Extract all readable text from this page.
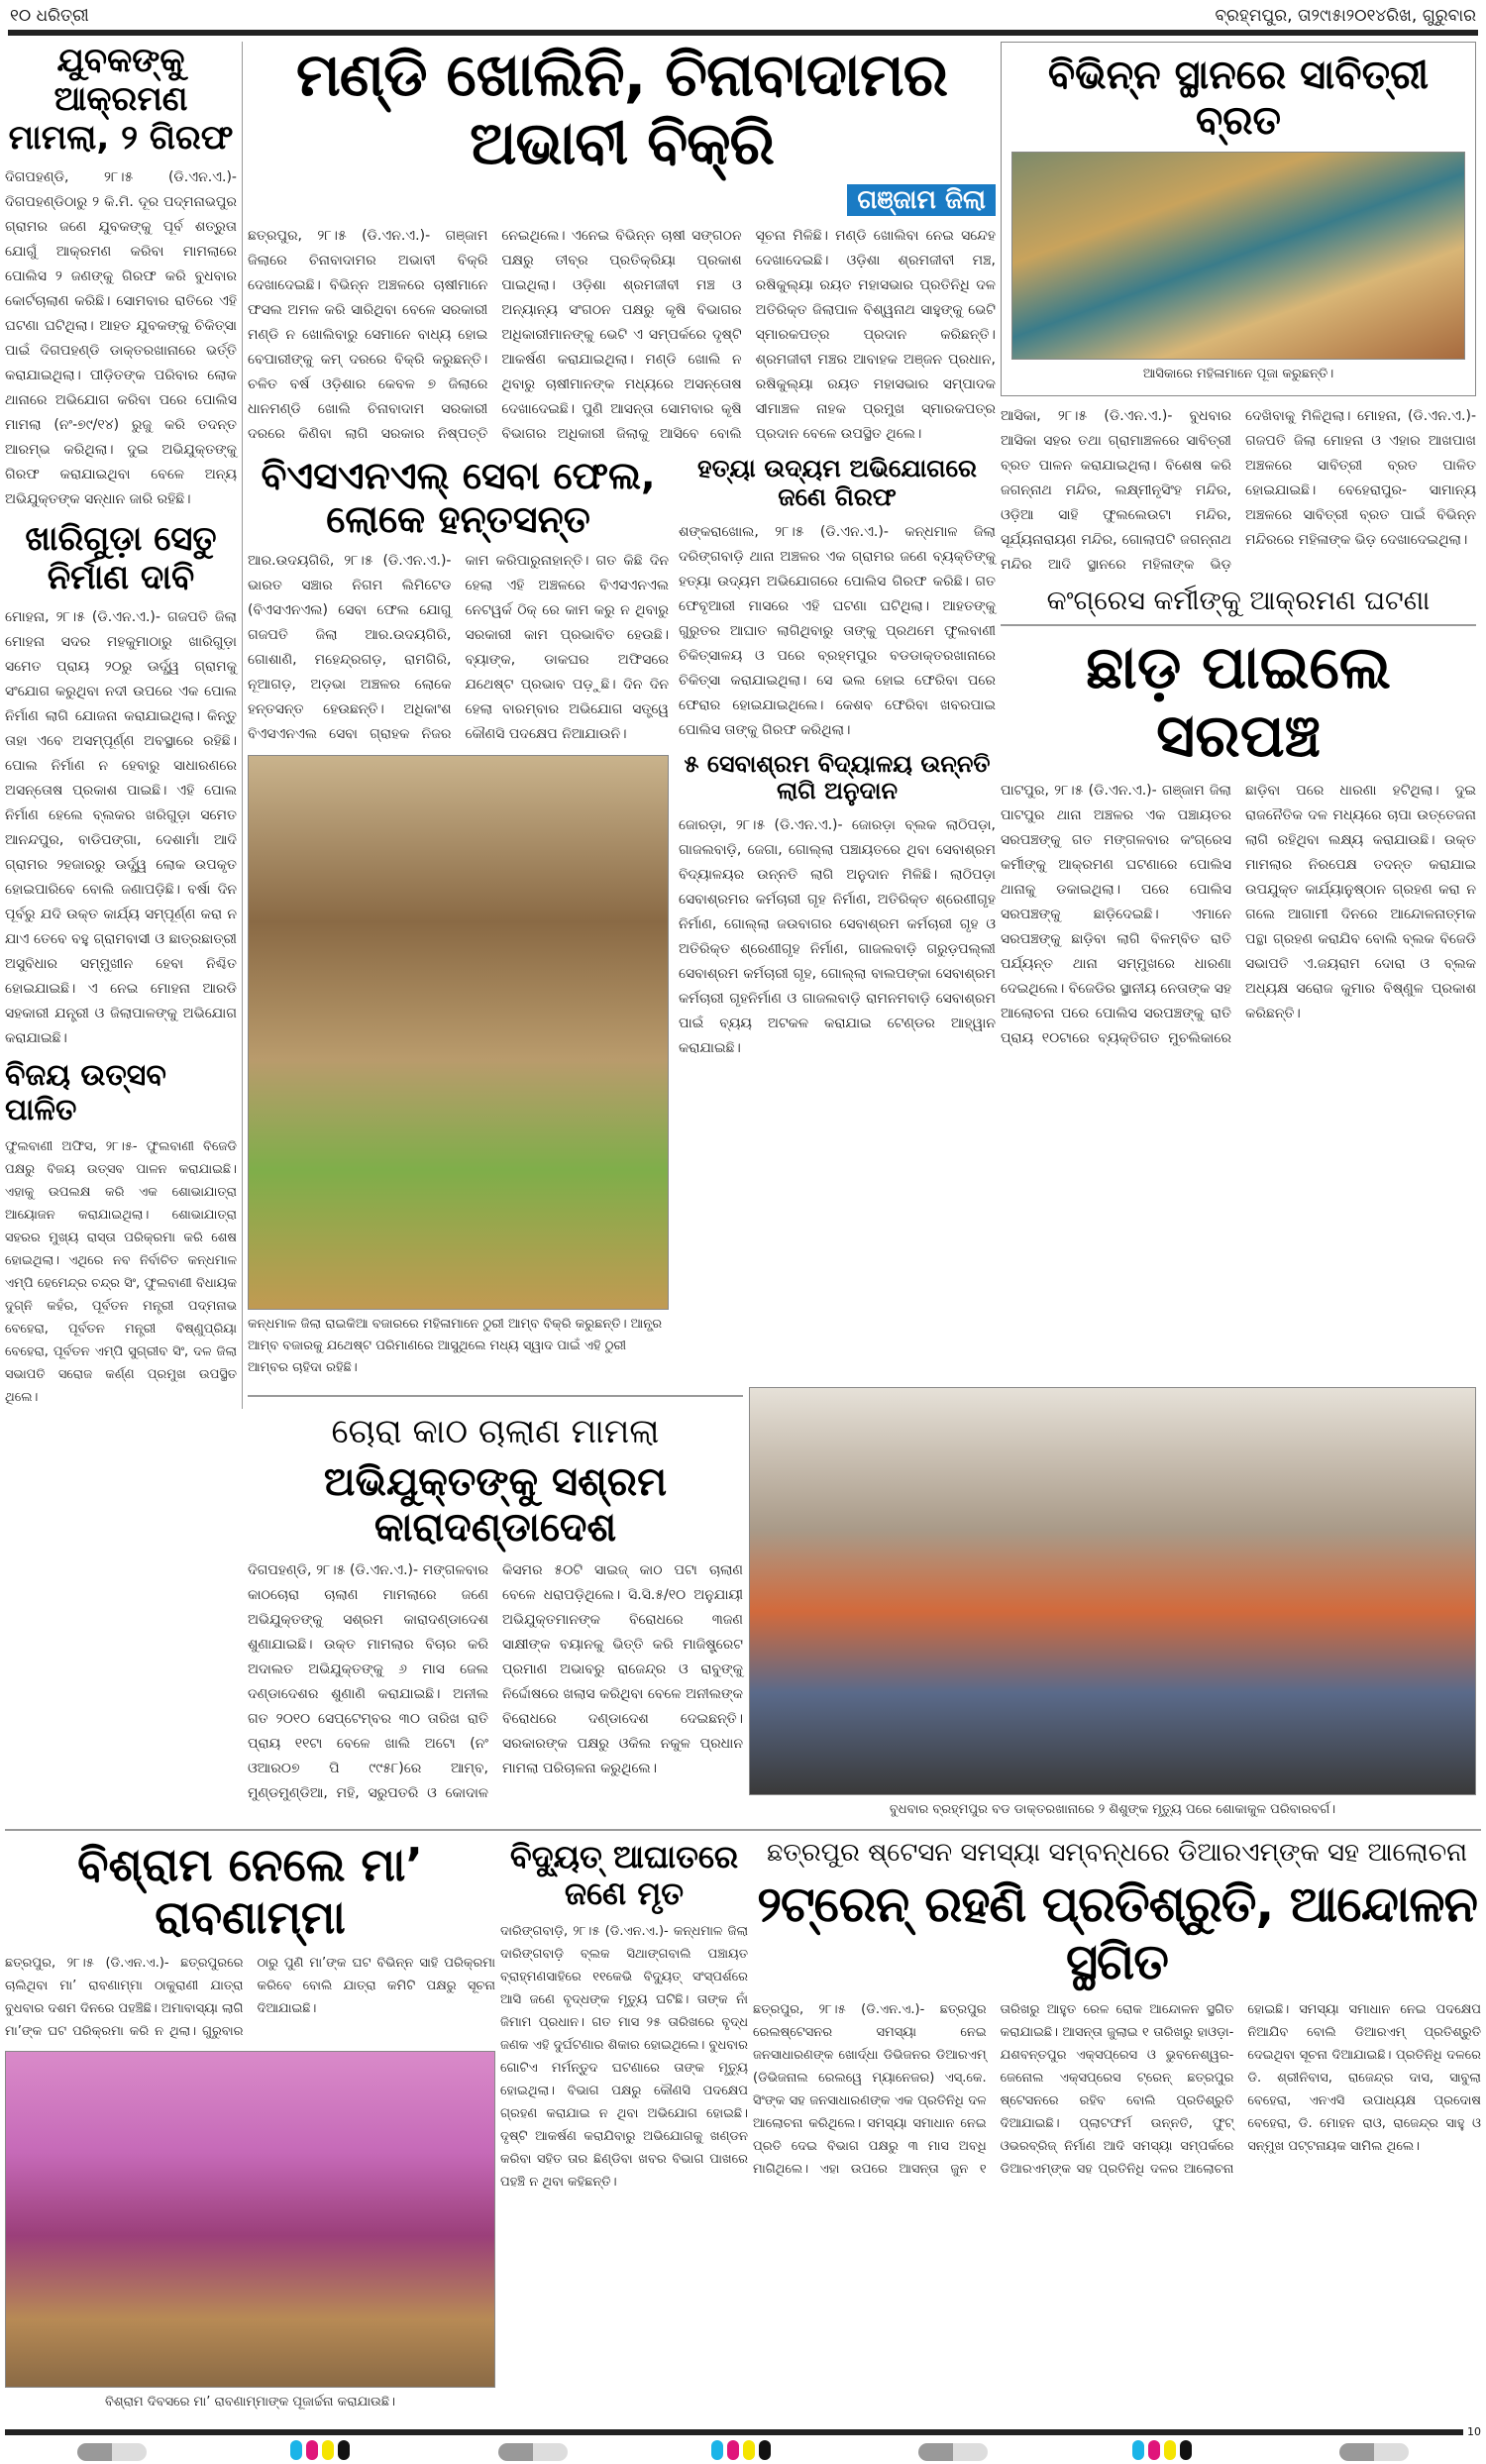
୧୦ ଧରିତ୍ରୀ	ବ୍ରହ୍ମପୁର, ତା୨୯ା୫ା୨୦୧୪ରିଖ, ଗୁରୁବାର
ଯୁବକଙ୍କୁ ଆକ୍ରମଣ ମାମଲା, ୨ ଗିରଫ
ଦିଗପହଣ୍ଡି, ୨୮।୫ (ଡି.ଏନ.ଏ.)- ଦିଗପହଣ୍ଡିଠାରୁ ୨ କି.ମି. ଦୂର ପଦ୍ମନାଭପୁର ଗ୍ରାମର ଜଣେ ଯୁବକଙ୍କୁ ପୂର୍ବ ଶତ୍ରୁତା ଯୋଗୁଁ ଆକ୍ରମଣ କରିବା ମାମଲାରେ ପୋଲିସ ୨ ଜଣଙ୍କୁ ଗିରଫ କରି ବୁଧବାର କୋର୍ଟଚାଲାଣ କରିଛି। ସୋମବାର ରାତିରେ ଏହି ଘଟଣା ଘଟିଥିଲା। ଆହତ ଯୁବକଙ୍କୁ ଚିକିତ୍ସା ପାଇଁ ଦିଗପହଣ୍ଡି ଡାକ୍ତରଖାନାରେ ଭର୍ତ୍ତି କରାଯାଇଥିଲା। ପୀଡ଼ିତଙ୍କ ପରିବାର ଲୋକ ଥାନାରେ ଅଭିଯୋଗ କରିବା ପରେ ପୋଲିସ ମାମଲା (ନଂ-୭୯/୧୪) ରୁଜୁ କରି ତଦନ୍ତ ଆରମ୍ଭ କରିଥିଲା। ଦୁଇ ଅଭିଯୁକ୍ତଙ୍କୁ ଗିରଫ କରାଯାଇଥିବା ବେଳେ ଅନ୍ୟ ଅଭିଯୁକ୍ତଙ୍କ ସନ୍ଧାନ ଜାରି ରହିଛି।
ଖାରିଗୁଡ଼ା ସେତୁ ନିର୍ମାଣ ଦାବି
ମୋହନା, ୨୮।୫ (ଡି.ଏନ.ଏ.)- ଗଜପତି ଜିଲା ମୋହନା ସଦର ମହକୁମାଠାରୁ ଖାରିଗୁଡ଼ା ସମେତ ପ୍ରାୟ ୨୦ରୁ ଊର୍ଦ୍ଧ୍ୱ ଗ୍ରାମକୁ ସଂଯୋଗ କରୁଥିବା ନଦୀ ଉପରେ ଏକ ପୋଲ ନିର୍ମାଣ ଲାଗି ଯୋଜନା କରାଯାଇଥିଲା। କିନ୍ତୁ ତାହା ଏବେ ଅସମ୍ପୂର୍ଣ୍ଣ ଅବସ୍ଥାରେ ରହିଛି। ପୋଲ ନିର୍ମାଣ ନ ହେବାରୁ ସାଧାରଣରେ ଅସନ୍ତୋଷ ପ୍ରକାଶ ପାଇଛି। ଏହି ପୋଲ ନିର୍ମାଣ ହେଲେ ବ୍ଲକର ଖରିଗୁଡ଼ା ସମେତ ଆନନ୍ଦପୁର, ବାଡିପଙ୍ଗା, ଦେଶାମାଁ ଆଦି ଗ୍ରାମର ୨ହଜାରରୁ ଊର୍ଦ୍ଧ୍ୱ ଲୋକ ଉପକୃତ ହୋଇପାରିବେ ବୋଲି ଜଣାପଡ଼ିଛି। ବର୍ଷା ଦିନ ପୂର୍ବରୁ ଯଦି ଉକ୍ତ କାର୍ଯ୍ୟ ସମ୍ପୂର୍ଣ୍ଣ କରା ନ ଯାଏ ତେବେ ବହୁ ଗ୍ରାମବାସୀ ଓ ଛାତ୍ରଛାତ୍ରୀ ଅସୁବିଧାର ସମ୍ମୁଖୀନ ହେବା ନିଶ୍ଚିତ ହୋଇଯାଇଛି। ଏ ନେଇ ମୋହନା ଆରଡି ସହକାରୀ ଯନ୍ତ୍ରୀ ଓ ଜିଲାପାଳଙ୍କୁ ଅଭିଯୋଗ କରାଯାଇଛି।
ବିଜୟ ଉତ୍ସବ ପାଳିତ
ଫୁଲବାଣୀ ଅଫିସ, ୨୮।୫- ଫୁଲବାଣୀ ବିଜେଡି ପକ୍ଷରୁ ବିଜୟ ଉତ୍ସବ ପାଳନ କରାଯାଇଛି। ଏହାକୁ ଉପଲକ୍ଷ କରି ଏକ ଶୋଭାଯାତ୍ରା ଆୟୋଜନ କରାଯାଇଥିଲା। ଶୋଭାଯାତ୍ରା ସହରର ମୁଖ୍ୟ ରାସ୍ତା ପରିକ୍ରମା କରି ଶେଷ ହୋଇଥିଲା। ଏଥିରେ ନବ ନିର୍ବାଚିତ କନ୍ଧମାଳ ଏମ୍‌ପି ହେମେନ୍ଦ୍ର ଚନ୍ଦ୍ର ସିଂ, ଫୁଲବାଣୀ ବିଧାୟକ ଦୁଗ୍ନି କହଁର, ପୂର୍ବତନ ମନ୍ତ୍ରୀ ପଦ୍ମନାଭ ବେହେରା, ପୂର୍ବତନ ମନ୍ତ୍ରୀ ବିଷ୍ଣୁପ୍ରିୟା ବେହେରା, ପୂର୍ବତନ ଏମ୍‌ପି ସୁଗ୍ରୀବ ସିଂ, ଦଳ ଜିଲା ସଭାପତି ସରୋଜ କର୍ଣ୍ଣ ପ୍ରମୁଖ ଉପସ୍ଥିତ ଥିଲେ।
ମଣ୍ଡି ଖୋଲିନି, ଚିନାବାଦାମର ଅଭାବୀ ବିକ୍ରି
ଗଞ୍ଜାମ ଜିଲା
ଛତ୍ରପୁର, ୨୮।୫ (ଡି.ଏନ.ଏ.)- ଗଞ୍ଜାମ ଜିଲାରେ ଚିନାବାଦାମର ଅଭାବୀ ବିକ୍ରି ଦେଖାଦେଇଛି। ବିଭିନ୍ନ ଅଞ୍ଚଳରେ ଚାଷୀମାନେ ଫସଲ ଅମଳ କରି ସାରିଥିବା ବେଳେ ସରକାରୀ ମଣ୍ଡି ନ ଖୋଲିବାରୁ ସେମାନେ ବାଧ୍ୟ ହୋଇ ବେପାରୀଙ୍କୁ କମ୍ ଦରରେ ବିକ୍ରି କରୁଛନ୍ତି। ଚଳିତ ବର୍ଷ ଓଡ଼ିଶାର କେବଳ ୭ ଜିଲାରେ ଧାନମଣ୍ଡି ଖୋଲି ଚିନାବାଦାମ ସରକାରୀ ଦରରେ କିଣିବା ଲାଗି ସରକାର ନିଷ୍ପତ୍ତି ନେଇଥିଲେ। ଏନେଇ ବିଭିନ୍ନ ଚାଷୀ ସଙ୍ଗଠନ ପକ୍ଷରୁ ତୀବ୍ର ପ୍ରତିକ୍ରିୟା ପ୍ରକାଶ ପାଇଥିଲା। ଓଡ଼ିଶା ଶ୍ରମଜୀବୀ ମଞ୍ଚ ଓ ଅନ୍ୟାନ୍ୟ ସଂଗଠନ ପକ୍ଷରୁ କୃଷି ବିଭାଗର ଅଧିକାରୀମାନଙ୍କୁ ଭେଟି ଏ ସମ୍ପର୍କରେ ଦୃଷ୍ଟି ଆକର୍ଷଣ କରାଯାଇଥିଲା। ମଣ୍ଡି ଖୋଲି ନ ଥିବାରୁ ଚାଷୀମାନଙ୍କ ମଧ୍ୟରେ ଅସନ୍ତୋଷ ଦେଖାଦେଇଛି। ପୁଣି ଆସନ୍ତା ସୋମବାର କୃଷି ବିଭାଗର ଅଧିକାରୀ ଜିଲାକୁ ଆସିବେ ବୋଲି ସୂଚନା ମିଳିଛି। ମଣ୍ଡି ଖୋଲିବା ନେଇ ସନ୍ଦେହ ଦେଖାଦେଇଛି। ଓଡ଼ିଶା ଶ୍ରମଜୀବୀ ମଞ୍ଚ, ରଷିକୁଲ୍ୟା ରୟତ ମହାସଭାର ପ୍ରତିନିଧି ଦଳ ଅତିରିକ୍ତ ଜିଲାପାଳ ବିଶ୍ୱନାଥ ସାହୁଙ୍କୁ ଭେଟି ସ୍ମାରକପତ୍ର ପ୍ରଦାନ କରିଛନ୍ତି। ଶ୍ରମଜୀବୀ ମଞ୍ଚର ଆବାହକ ଅଞ୍ଜନ ପ୍ରଧାନ, ରଷିକୁଲ୍ୟା ରୟତ ମହାସଭାର ସମ୍ପାଦକ ସୀମାଞ୍ଚଳ ନାହକ ପ୍ରମୁଖ ସ୍ମାରକପତ୍ର ପ୍ରଦାନ ବେଳେ ଉପସ୍ଥିତ ଥିଲେ।
ବିଏସଏନଏଲ୍ ସେବା ଫେଲ, ଲୋକେ ହନ୍ତସନ୍ତ
ଆର.ଉଦୟଗିରି, ୨୮।୫ (ଡି.ଏନ.ଏ.)- ଭାରତ ସଞ୍ଚାର ନିଗମ ଲିମିଟେଡ (ବିଏସଏନଏଲ) ସେବା ଫେଲ ଯୋଗୁ ଗଜପତି ଜିଲା ଆର.ଉଦୟଗିରି, ଗୋଶାଣି, ମହେନ୍ଦ୍ରଗଡ଼, ରାମଗିରି, ନୂଆଗଡ଼, ଅଡ଼ଭା ଅଞ୍ଚଳର ଲୋକେ ହନ୍ତସନ୍ତ ହେଉଛନ୍ତି। ଅଧିକାଂଶ ବିଏସଏନଏଲ ସେବା ଗ୍ରାହକ ନିଜର କାମ କରିପାରୁନାହାନ୍ତି। ଗତ କିଛି ଦିନ ହେଲା ଏହି ଅଞ୍ଚଳରେ ବିଏସଏନଏଲ ନେଟୱର୍କ ଠିକ୍ ରେ କାମ କରୁ ନ ଥିବାରୁ ସରକାରୀ କାମ ପ୍ରଭାବିତ ହେଉଛି। ବ୍ୟାଙ୍କ, ଡାକଘର ଅଫିସରେ ଯଥେଷ୍ଟ ପ୍ରଭାବ ପଡ଼ୁଛି। ଦିନ ଦିନ ହେଲା ବାରମ୍ବାର ଅଭିଯୋଗ ସତ୍ତ୍ୱେ କୌଣସି ପଦକ୍ଷେପ ନିଆଯାଉନି।
କନ୍ଧମାଳ ଜିଲା ରାଇକିଆ ବଜାରରେ ମହିଳାମାନେ ଠୁରୀ ଆମ୍ବ ବିକ୍ରି କରୁଛନ୍ତି। ଆନ୍ଧ୍ର ଆମ୍ବ ବଜାରକୁ ଯଥେଷ୍ଟ ପରିମାଣରେ ଆସୁଥିଲେ ମଧ୍ୟ ସ୍ୱାଦ ପାଇଁ ଏହି ଠୁରୀ ଆମ୍ବର ଚାହିଦା ରହିଛି।
ହତ୍ୟା ଉଦ୍ୟମ ଅଭିଯୋଗରେ ଜଣେ ଗିରଫ
ଶଙ୍କରାଖୋଲ, ୨୮।୫ (ଡି.ଏନ.ଏ.)- କନ୍ଧମାଳ ଜିଲା ଦରିଙ୍ଗବାଡ଼ି ଥାନା ଅଞ୍ଚଳର ଏକ ଗ୍ରାମର ଜଣେ ବ୍ୟକ୍ତିଙ୍କୁ ହତ୍ୟା ଉଦ୍ୟମ ଅଭିଯୋଗରେ ପୋଲିସ ଗିରଫ କରିଛି। ଗତ ଫେବୃଆରୀ ମାସରେ ଏହି ଘଟଣା ଘଟିଥିଲା। ଆହତଙ୍କୁ ଗୁରୁତର ଆଘାତ ଲାଗିଥିବାରୁ ତାଙ୍କୁ ପ୍ରଥମେ ଫୁଲବାଣୀ ଚିକିତ୍ସାଳୟ ଓ ପରେ ବ୍ରହ୍ମପୁର ବଡଡାକ୍ତରଖାନାରେ ଚିକିତ୍ସା କରାଯାଇଥିଲା। ସେ ଭଲ ହୋଇ ଫେରିବା ପରେ ଫେରାର ହୋଇଯାଇଥିଲେ। କେଶବ ଫେରିବା ଖବରପାଇ ପୋଲିସ ତାଙ୍କୁ ଗିରଫ କରିଥିଲା।
୫ ସେବାଶ୍ରମ ବିଦ୍ୟାଳୟ ଉନ୍ନତି ଲାଗି ଅନୁଦାନ
ଜୋରଡ଼ା, ୨୮।୫ (ଡି.ଏନ.ଏ.)- ଜୋରଡ଼ା ବ୍ଲକ ଲାଠିପଡ଼ା, ଗାଜଲବାଡ଼ି, ଜେଗା, ଗୋଲ୍ଲା ପଞ୍ଚାୟତରେ ଥିବା ସେବାଶ୍ରମ ବିଦ୍ୟାଳୟର ଉନ୍ନତି ଲାଗି ଅନୁଦାନ ମିଳିଛି। ଲାଠିପଡ଼ା ସେବାଶ୍ରମର କର୍ମଚାରୀ ଗୃହ ନିର୍ମାଣ, ଅତିରିକ୍ତ ଶ୍ରେଣୀଗୃହ ନିର୍ମାଣ, ଗୋଲ୍ଲା ଜଉବାଗର ସେବାଶ୍ରମ କର୍ମଚାରୀ ଗୃହ ଓ ଅତିରିକ୍ତ ଶ୍ରେଣୀଗୃହ ନିର୍ମାଣ, ଗାଜଲବାଡ଼ି ଗରୁଡ଼ପଲ୍ଲୀ ସେବାଶ୍ରମ କର୍ମଚାରୀ ଗୃହ, ଗୋଲ୍ଲା ବାଲପଙ୍କା ସେବାଶ୍ରମ କର୍ମଚାରୀ ଗୃହନିର୍ମାଣ ଓ ଗାଜଲବାଡ଼ି ରାମନମବାଡ଼ି ସେବାଶ୍ରମ ପାଇଁ ବ୍ୟୟ ଅଟକଳ କରାଯାଇ ଟେଣ୍ଡର ଆହ୍ୱାନ କରାଯାଇଛି।
ବିଭିନ୍ନ ସ୍ଥାନରେ ସାବିତ୍ରୀ ବ୍ରତ
ଆସିକାରେ ମହିଳାମାନେ ପୂଜା କରୁଛନ୍ତି।
ଆସିକା, ୨୮।୫ (ଡି.ଏନ.ଏ.)- ବୁଧବାର ଆସିକା ସହର ତଥା ଗ୍ରାମାଞ୍ଚଳରେ ସାବିତ୍ରୀ ବ୍ରତ ପାଳନ କରାଯାଇଥିଲା। ବିଶେଷ କରି ଜଗନ୍ନାଥ ମନ୍ଦିର, ଲକ୍ଷ୍ମୀନୃସିଂହ ମନ୍ଦିର, ଓଡ଼ିଆ ସାହି ଫୁଲଲେଉଟା ମନ୍ଦିର, ସୂର୍ଯ୍ୟନାରାୟଣ ମନ୍ଦିର, ଗୋଲାପଟି ଜଗନ୍ନାଥ ମନ୍ଦିର ଆଦି ସ୍ଥାନରେ ମହିଳାଙ୍କ ଭିଡ଼ ଦେଖିବାକୁ ମିଳିଥିଲା। ମୋହନା, (ଡି.ଏନ.ଏ.)- ଗଜପତି ଜିଲା ମୋହନା ଓ ଏହାର ଆଖପାଖ ଅଞ୍ଚଳରେ ସାବିତ୍ରୀ ବ୍ରତ ପାଳିତ ହୋଇଯାଇଛି। ବେହେରାପୁର- ସାମାନ୍ୟ ଅଞ୍ଚଳରେ ସାବିତ୍ରୀ ବ୍ରତ ପାଇଁ ବିଭିନ୍ନ ମନ୍ଦିରରେ ମହିଳାଙ୍କ ଭିଡ଼ ଦେଖାଦେଇଥିଲା।
କଂଗ୍ରେସ କର୍ମୀଙ୍କୁ ଆକ୍ରମଣ ଘଟଣା
ଛାଡ଼ ପାଇଲେ ସରପଞ୍ଚ
ପାଟପୁର, ୨୮।୫ (ଡି.ଏନ.ଏ.)- ଗଞ୍ଜାମ ଜିଲା ପାଟପୁର ଥାନା ଅଞ୍ଚଳର ଏକ ପଞ୍ଚାୟତର ସରପଞ୍ଚଙ୍କୁ ଗତ ମଙ୍ଗଳବାର କଂଗ୍ରେସ କର୍ମୀଙ୍କୁ ଆକ୍ରମଣ ଘଟଣାରେ ପୋଲିସ ଥାନାକୁ ଡକାଇଥିଲା। ପରେ ପୋଲିସ ସରପଞ୍ଚଙ୍କୁ ଛାଡ଼ିଦେଇଛି। ଏମାନେ ସରପଞ୍ଚଙ୍କୁ ଛାଡ଼ିବା ଲାଗି ବିଳମ୍ବିତ ରାତି ପର୍ଯ୍ୟନ୍ତ ଥାନା ସମ୍ମୁଖରେ ଧାରଣା ଦେଇଥିଲେ। ବିଜେଡିର ସ୍ଥାନୀୟ ନେତାଙ୍କ ସହ ଆଲୋଚନା ପରେ ପୋଲିସ ସରପଞ୍ଚଙ୍କୁ ରାତି ପ୍ରାୟ ୧୦ଟାରେ ବ୍ୟକ୍ତିଗତ ମୁଚଲିକାରେ ଛାଡ଼ିବା ପରେ ଧାରଣା ହଟିଥିଲା। ଦୁଇ ରାଜନୈତିକ ଦଳ ମଧ୍ୟରେ ଚାପା ଉତ୍ତେଜନା ଲାଗି ରହିଥିବା ଲକ୍ଷ୍ୟ କରାଯାଉଛି। ଉକ୍ତ ମାମଲାର ନିରପେକ୍ଷ ତଦନ୍ତ କରାଯାଇ ଉପଯୁକ୍ତ କାର୍ଯ୍ୟାନୁଷ୍ଠାନ ଗ୍ରହଣ କରା ନ ଗଲେ ଆଗାମୀ ଦିନରେ ଆନ୍ଦୋଳନାତ୍ମକ ପନ୍ଥା ଗ୍ରହଣ କରାଯିବ ବୋଲି ବ୍ଲକ ବିଜେଡି ସଭାପତି ଏ.ଜୟରାମ ଦୋରା ଓ ବ୍ଲକ ଅଧ୍ୟକ୍ଷ ସରୋଜ କୁମାର ବିଷ୍ଣୁଳ ପ୍ରକାଶ କରିଛନ୍ତି।
ଚୋରା କାଠ ଚାଲାଣ ମାମଲା
ଅଭିଯୁକ୍ତଙ୍କୁ ସଶ୍ରମ କାରାଦଣ୍ଡାଦେଶ
ଦିଗପହଣ୍ଡି, ୨୮।୫ (ଡି.ଏନ.ଏ.)- ମଙ୍ଗଳବାର କାଠଚୋରା ଚାଲାଣ ମାମଲାରେ ଜଣେ ଅଭିଯୁକ୍ତଙ୍କୁ ସଶ୍ରମ କାରାଦଣ୍ଡାଦେଶ ଶୁଣାଯାଇଛି। ଉକ୍ତ ମାମଲାର ବିଚାର କରି ଅଦାଲତ ଅଭିଯୁକ୍ତଙ୍କୁ ୬ ମାସ ଜେଲ ଦଣ୍ଡାଦେଶର ଶୁଣାଣି କରାଯାଇଛି। ଅନୀଲ ଗତ ୨୦୧୦ ସେପ୍ଟେମ୍ବର ୩୦ ତାରିଖ ରାତି ପ୍ରାୟ ୧୧ଟା ବେଳେ ଖାଲି ଅଟୋ (ନଂ ଓଆର୦୭ ପି ୯୯୫୮)ରେ ଆମ୍ବ, ମୁଣ୍ଡମୁଣ୍ଡିଆ, ମହି, ସରୁପତରି ଓ କୋଦାଳ କିସମର ୫୦ଟି ସାଇଜ୍ କାଠ ପଟା ଚାଲାଣ ବେଳେ ଧରାପଡ଼ିଥିଲେ। ସି.ସି.୫/୧୦ ଅନୁଯାୟୀ ଅଭିଯୁକ୍ତମାନଙ୍କ ବିରୋଧରେ ୩ଜଣ ସାକ୍ଷୀଙ୍କ ବୟାନକୁ ଭିତ୍ତି କରି ମାଜିଷ୍ଟ୍ରେଟ ପ୍ରମାଣ ଅଭାବରୁ ରାଜେନ୍ଦ୍ର ଓ ରାବୁଙ୍କୁ ନିର୍ଦ୍ଦୋଷରେ ଖଲାସ କରିଥିବା ବେଳେ ଅନୀଲଙ୍କ ବିରୋଧରେ ଦଣ୍ଡାଦେଶ ଦେଇଛନ୍ତି। ସରକାରଙ୍କ ପକ୍ଷରୁ ଓକିଲ ନକୁଳ ପ୍ରଧାନ ମାମଲା ପରିଚାଳନା କରୁଥିଲେ।
ବୁଧବାର ବ୍ରହ୍ମପୁର ବଡ ଡାକ୍ତରଖାନାରେ ୨ ଶିଶୁଙ୍କ ମୃତ୍ୟୁ ପରେ ଶୋକାକୁଳ ପରିବାରବର୍ଗ।
ବିଶ୍ରାମ ନେଲେ ମା’ ରାବଣାମ୍ମା
ଛତ୍ରପୁର, ୨୮।୫ (ଡି.ଏନ.ଏ.)- ଛତ୍ରପୁରରେ ଚାଲିଥିବା ମା’ ରାବଣାମ୍ମା ଠାକୁରାଣୀ ଯାତ୍ରା ବୁଧବାର ଦଶମ ଦିନରେ ପହଞ୍ଚିଛି। ଅମାବାସ୍ୟା ଲାଗି ମା’ଙ୍କ ଘଟ ପରିକ୍ରମା କରି ନ ଥିଲା। ଗୁରୁବାର ଠାରୁ ପୁଣି ମା’ଙ୍କ ଘଟ ବିଭିନ୍ନ ସାହି ପରିକ୍ରମା କରିବେ ବୋଲି ଯାତ୍ରା କମିଟି ପକ୍ଷରୁ ସୂଚନା ଦିଆଯାଇଛି।
ବିଶ୍ରାମ ଦିବସରେ ମା’ ରାବଣାମ୍ମାଙ୍କ ପୂଜାର୍ଚ୍ଚନା କରାଯାଉଛି।
ବିଦ୍ୟୁତ୍ ଆଘାତରେ ଜଣେ ମୃତ
ଦାରିଙ୍ଗବାଡ଼ି, ୨୮।୫ (ଡି.ଏନ.ଏ.)- କନ୍ଧମାଳ ଜିଲା ଦାରିଙ୍ଗବାଡ଼ି ବ୍ଲକ ସିଥାଙ୍ଗବାଲି ପଞ୍ଚାୟତ ବ୍ରାହ୍ମଣସାହିରେ ୧୧କେଭି ବିଦ୍ୟୁତ୍ ସଂସ୍ପର୍ଶରେ ଆସି ଜଣେ ବୃଦ୍ଧଙ୍କ ମୃତ୍ୟୁ ଘଟିଛି। ତାଙ୍କ ନାଁ ଜିମାମ ପ୍ରଧାନ। ଗତ ମାସ ୨୫ ତାରିଖରେ ବୃଦ୍ଧ ଜଣକ ଏହି ଦୁର୍ଘଟଣାର ଶିକାର ହୋଇଥିଲେ। ବୁଧବାର ଗୋଟିଏ ମର୍ମନ୍ତୁଦ ଘଟଣାରେ ତାଙ୍କ ମୃତ୍ୟୁ ହୋଇଥିଲା। ବିଭାଗ ପକ୍ଷରୁ କୌଣସି ପଦକ୍ଷେପ ଗ୍ରହଣ କରାଯାଇ ନ ଥିବା ଅଭିଯୋଗ ହୋଇଛି। ଦୃଷ୍ଟି ଆକର୍ଷଣ କରାଯିବାରୁ ଅଭିଯୋଗକୁ ଖଣ୍ଡନ କରିବା ସହିତ ତାର ଛିଣ୍ଡିବା ଖବର ବିଭାଗ ପାଖରେ ପହଞ୍ଚି ନ ଥିବା କହିଛନ୍ତି।
ଛତ୍ରପୁର ଷ୍ଟେସନ ସମସ୍ୟା ସମ୍ବନ୍ଧରେ ଡିଆରଏମ୍‌ଙ୍କ ସହ ଆଲୋଚନା
୨ଟ୍ରେନ୍ ରହଣି ପ୍ରତିଶ୍ରୁତି, ଆନ୍ଦୋଳନ ସ୍ଥଗିତ
ଛତ୍ରପୁର, ୨୮।୫ (ଡି.ଏନ.ଏ.)- ଛତ୍ରପୁର ରେଲଷ୍ଟେସନର ସମସ୍ୟା ନେଇ ଜନସାଧାରଣଙ୍କ ଖୋର୍ଦ୍ଧା ଡିଭିଜନର ଡିଆରଏମ୍ (ଡିଭିଜନାଲ ରେଲୱେ ମ୍ୟାନେଜର) ଏସ୍.କେ. ସିଂଙ୍କ ସହ ଜନସାଧାରଣଙ୍କ ଏକ ପ୍ରତିନିଧି ଦଳ ଆଲୋଚନା କରିଥିଲେ। ସମସ୍ୟା ସମାଧାନ ନେଇ ପ୍ରତି ଦେଇ ବିଭାଗ ପକ୍ଷରୁ ୩ ମାସ ଅବଧି ମାଗିଥିଲେ। ଏହା ଉପରେ ଆସନ୍ତା ଜୁନ ୧ ତାରିଖରୁ ଆହୁତ ରେଳ ରୋକ ଆନ୍ଦୋଳନ ସ୍ଥଗିତ କରାଯାଇଛି। ଆସନ୍ତା ଜୁଲାଇ ୧ ତାରିଖରୁ ହାଓଡ଼ା-ଯଶବନ୍ତପୁର ଏକ୍ସପ୍ରେସ ଓ ଭୁବନେଶ୍ୱର-ଜେନୋଲ ଏକ୍ସପ୍ରେସ ଟ୍ରେନ୍ ଛତ୍ରପୁର ଷ୍ଟେସନରେ ରହିବ ବୋଲି ପ୍ରତିଶ୍ରୁତି ଦିଆଯାଇଛି। ପ୍ଲାଟଫର୍ମ ଉନ୍ନତି, ଫୁଟ୍ ଓଭରବ୍ରିଜ୍ ନିର୍ମାଣ ଆଦି ସମସ୍ୟା ସମ୍ପର୍କରେ ଡିଆରଏମ୍‌ଙ୍କ ସହ ପ୍ରତିନିଧି ଦଳର ଆଲୋଚନା ହୋଇଛି। ସମସ୍ୟା ସମାଧାନ ନେଇ ପଦକ୍ଷେପ ନିଆଯିବ ବୋଲି ଡିଆରଏମ୍ ପ୍ରତିଶ୍ରୁତି ଦେଇଥିବା ସୂଚନା ଦିଆଯାଇଛି। ପ୍ରତିନିଧି ଦଳରେ ଡି. ଶ୍ରୀନିବାସ, ରାଜେନ୍ଦ୍ର ଦାସ, ସାବୁଲା ବେହେରା, ଏନଏସି ଉପାଧ୍ୟକ୍ଷ ପ୍ରଦୋଷ ବେହେରା, ଡି. ମୋହନ ରାଓ, ରାଜେନ୍ଦ୍ର ସାହୁ ଓ ସନ୍ମୁଖ ପଟ୍ଟନାୟକ ସାମିଲ ଥିଲେ।
10
